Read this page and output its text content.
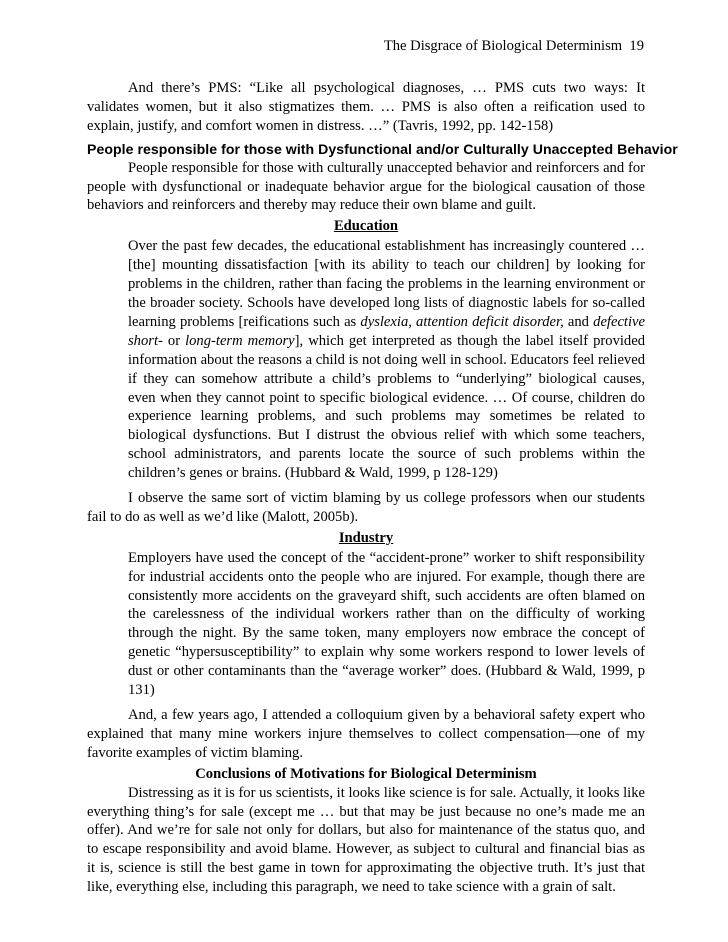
The Disgrace of Biological Determinism 19

And there’s PMS: “Like all psychological diagnoses, … PMS cuts two ways: It validates women, but it also stigmatizes them. … PMS is also often a reification used to explain, justify, and comfort women in distress. …” (Tavris, 1992, pp. 142-158)

People responsible for those with Dysfunctional and/or Culturally Unaccepted Behavior

People responsible for those with culturally unaccepted behavior and reinforcers and for people with dysfunctional or inadequate behavior argue for the biological causation of those behaviors and reinforcers and thereby may reduce their own blame and guilt.

Education

Over the past few decades, the educational establishment has increasingly countered … [the] mounting dissatisfaction [with its ability to teach our children] by looking for problems in the children, rather than facing the problems in the learning environment or the broader society. Schools have developed long lists of diagnostic labels for so-called learning problems [reifications such as dyslexia, attention deficit disorder, and defective short- or long-term memory], which get interpreted as though the label itself provided information about the reasons a child is not doing well in school. Educators feel relieved if they can somehow attribute a child’s problems to “underlying” biological causes, even when they cannot point to specific biological evidence. … Of course, children do experience learning problems, and such problems may sometimes be related to biological dysfunctions. But I distrust the obvious relief with which some teachers, school administrators, and parents locate the source of such problems within the children’s genes or brains. (Hubbard & Wald, 1999, p 128-129)

I observe the same sort of victim blaming by us college professors when our students fail to do as well as we’d like (Malott, 2005b).

Industry

Employers have used the concept of the “accident-prone” worker to shift responsibility for industrial accidents onto the people who are injured. For example, though there are consistently more accidents on the graveyard shift, such accidents are often blamed on the carelessness of the individual workers rather than on the difficulty of working through the night. By the same token, many employers now embrace the concept of genetic “hypersusceptibility” to explain why some workers respond to lower levels of dust or other contaminants than the “average worker” does. (Hubbard & Wald, 1999, p 131)

And, a few years ago, I attended a colloquium given by a behavioral safety expert who explained that many mine workers injure themselves to collect compensation—one of my favorite examples of victim blaming.

Conclusions of Motivations for Biological Determinism

Distressing as it is for us scientists, it looks like science is for sale. Actually, it looks like everything thing’s for sale (except me … but that may be just because no one’s made me an offer). And we’re for sale not only for dollars, but also for maintenance of the status quo, and to escape responsibility and avoid blame. However, as subject to cultural and financial bias as it is, science is still the best game in town for approximating the objective truth. It’s just that like, everything else, including this paragraph, we need to take science with a grain of salt.
